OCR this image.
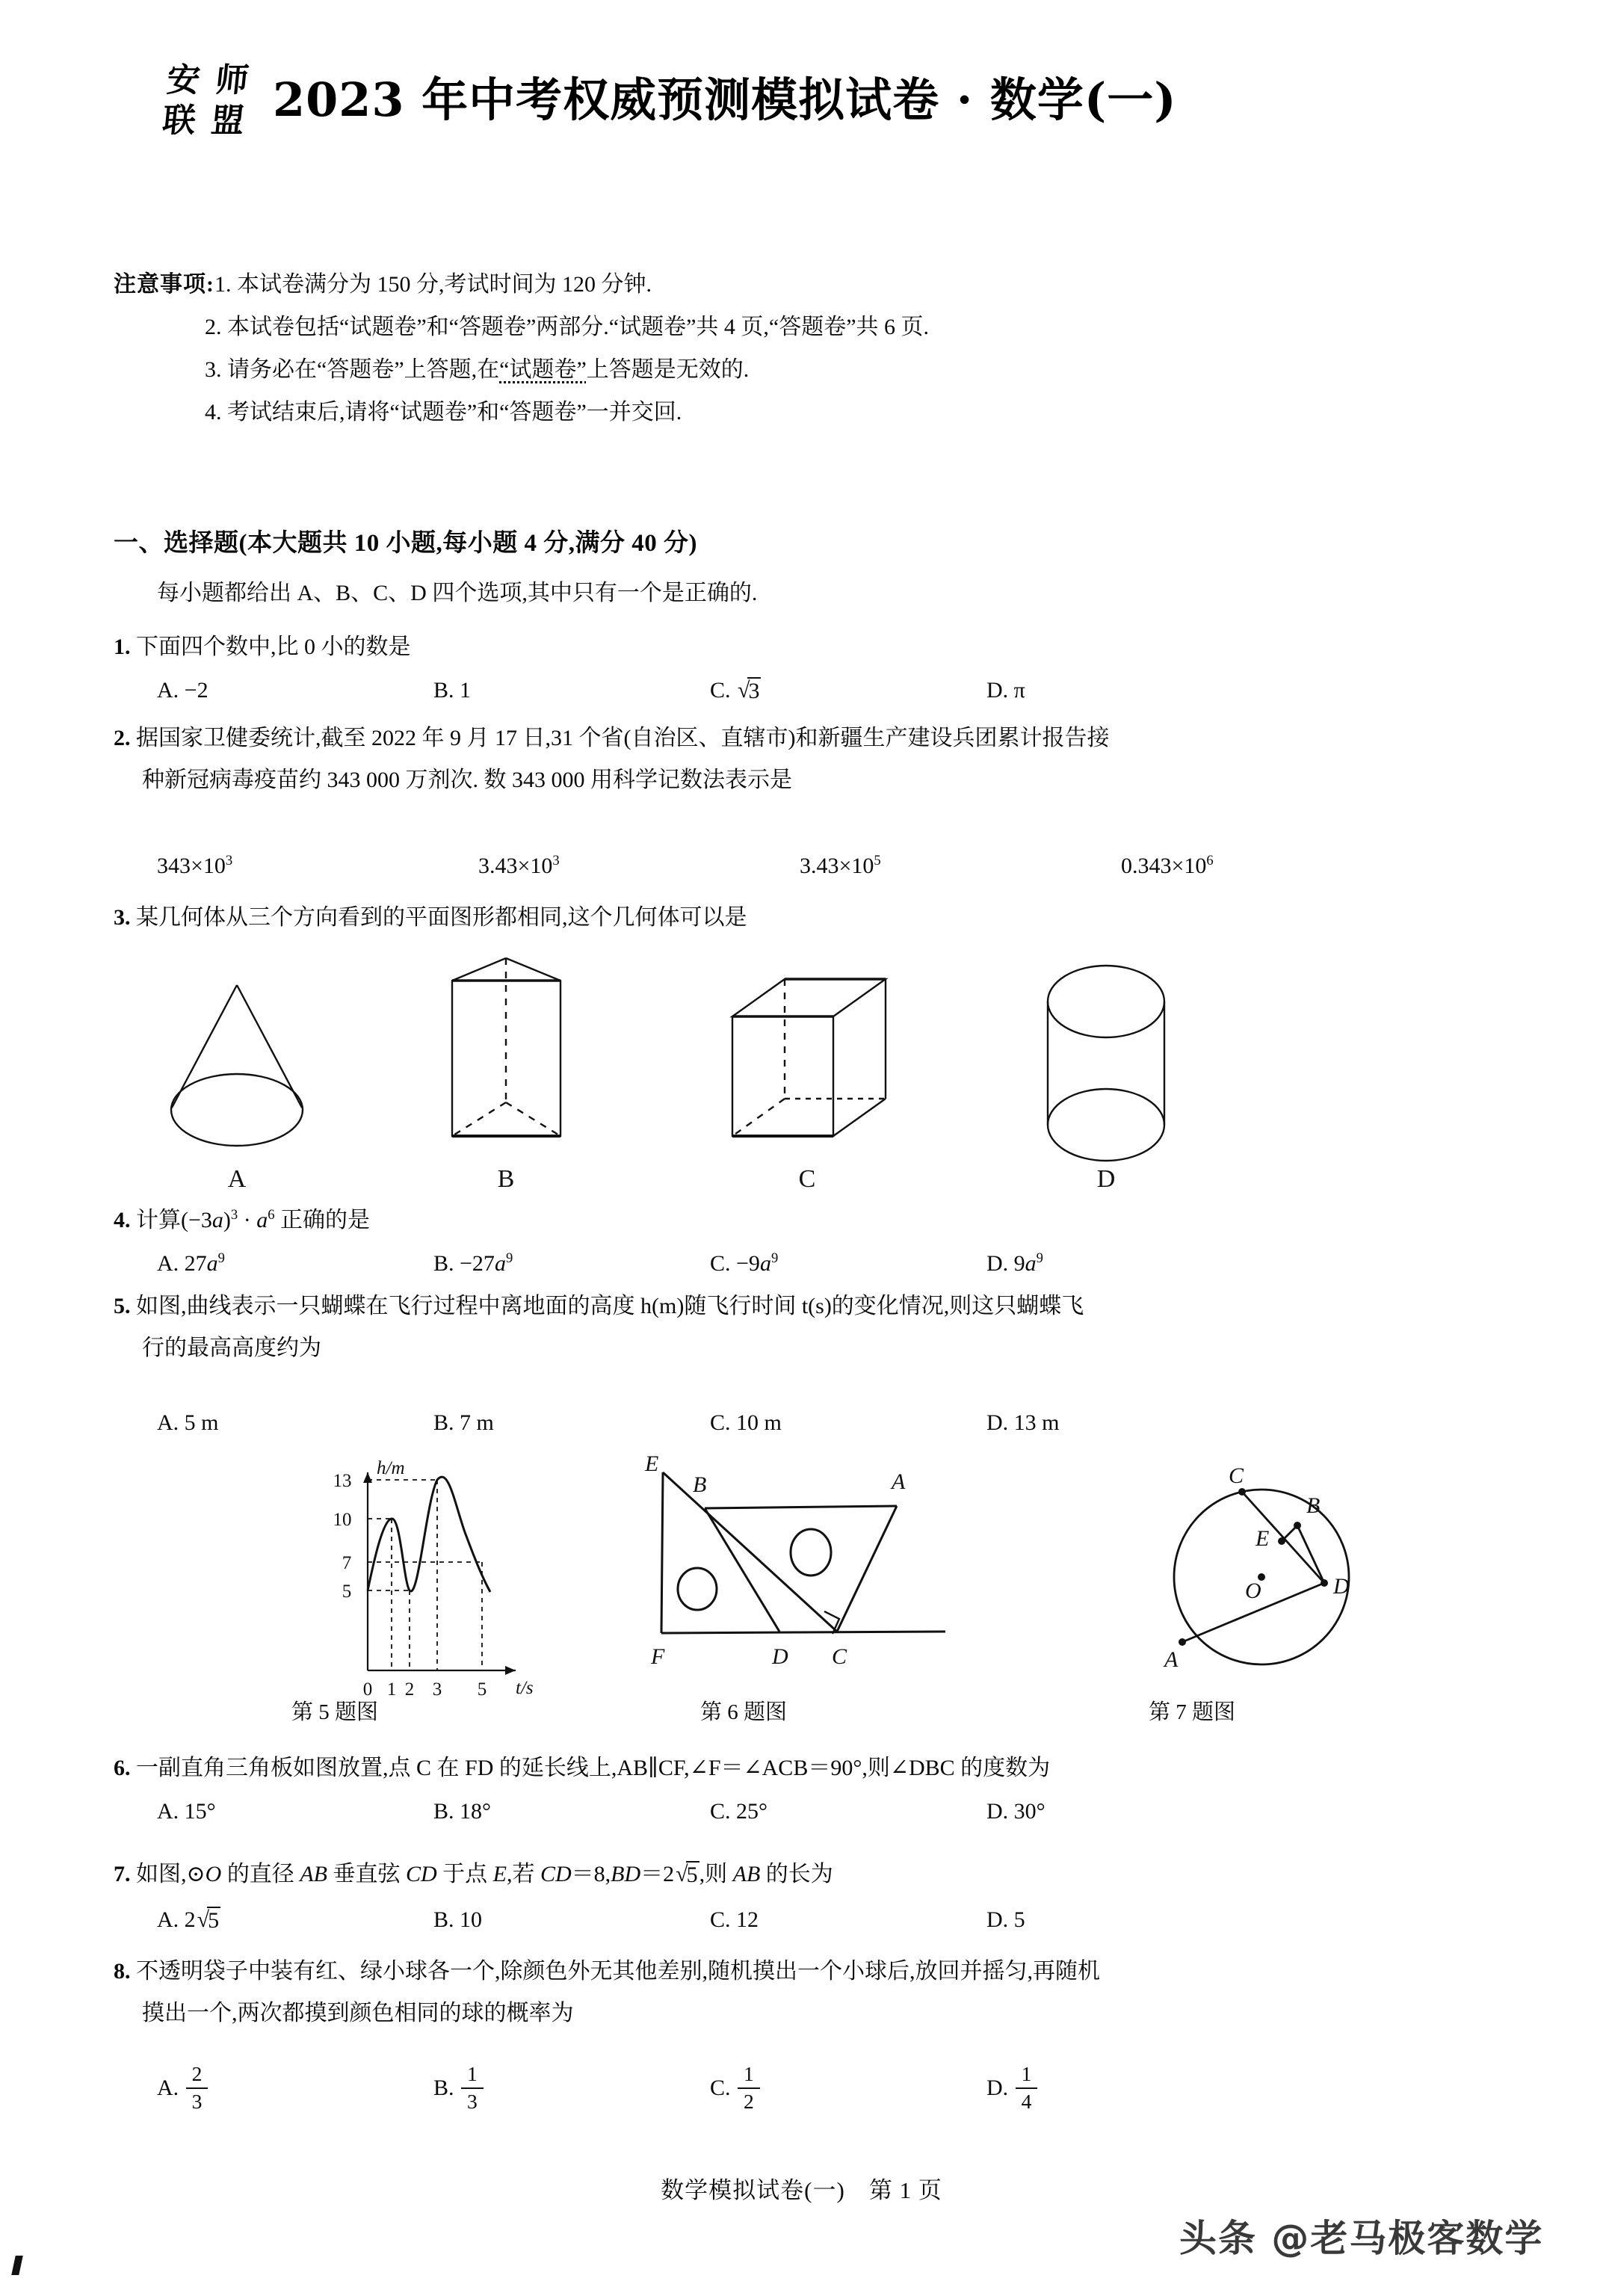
安 师
联 盟 2023 年中考权威预测模拟试卷 · 数学(一)
注意事项:1. 本试卷满分为 150 分,考试时间为 120 分钟.
2. 本试卷包括“试题卷”和“答题卷”两部分.“试题卷”共 4 页,“答题卷”共 6 页.
3. 请务必在“答题卷”上答题,在“试题卷”上答题是无效的.
4. 考试结束后,请将“试题卷”和“答题卷”一并交回.
一、选择题(本大题共 10 小题,每小题 4 分,满分 40 分)
每小题都给出 A、B、C、D 四个选项,其中只有一个是正确的.
1. 下面四个数中,比 0 小的数是
A. −2	B. 1	C. √3	D. π
2. 据国家卫健委统计,截至 2022 年 9 月 17 日,31 个省(自治区、直辖市)和新疆生产建设兵团累计报告接
种新冠病毒疫苗约 343 000 万剂次. 数 343 000 用科学记数法表示是
$343\times 10^3$	$3.43\times 10^3$	$3.43\times 10^5$	$0.343\times 10^6$
3. 某几何体从三个方向看到的平面图形都相同,这个几何体可以是
A	B	C	D
4. 计算$(-3a)^3 \cdot a^6$ 正确的是
A. $27a^9$	B. $-27a^9$	C. $-9a^9$	D. $9a^9$
5. 如图,曲线表示一只蝴蝶在飞行过程中离地面的高度 h(m)随飞行时间 t(s)的变化情况,则这只蝴蝶飞
行的最高高度约为
A. 5 m	B. 7 m	C. 10 m	D. 13 m
13
10
7
5
0 1 2 3 5
h/m
t/s
E
B	A
F	D C
C
B
E
O	D
A
第 5 题图	第 6 题图	第 7 题图
6. 一副直角三角板如图放置,点 C 在 FD 的延长线上,AB∥CF,∠F＝∠ACB＝90°,则∠DBC 的度数为
A. 15°	B. 18°	C. 25°	D. 30°
7. 如图,⊙O 的直径 AB 垂直弦 CD 于点 E,若 CD＝8,BD＝2√5,则 AB 的长为
A. 2√5	B. 10	C. 12	D. 5
8. 不透明袋子中装有红、绿小球各一个,除颜色外无其他差别,随机摸出一个小球后,放回并摇匀,再随机
摸出一个,两次都摸到颜色相同的球的概率为
A. $\frac{2}{3}$	B. $\frac{1}{3}$	C. $\frac{1}{2}$	D. $\frac{1}{4}$
数学模拟试卷(一)　第 1 页
头条 @老马极客数学
